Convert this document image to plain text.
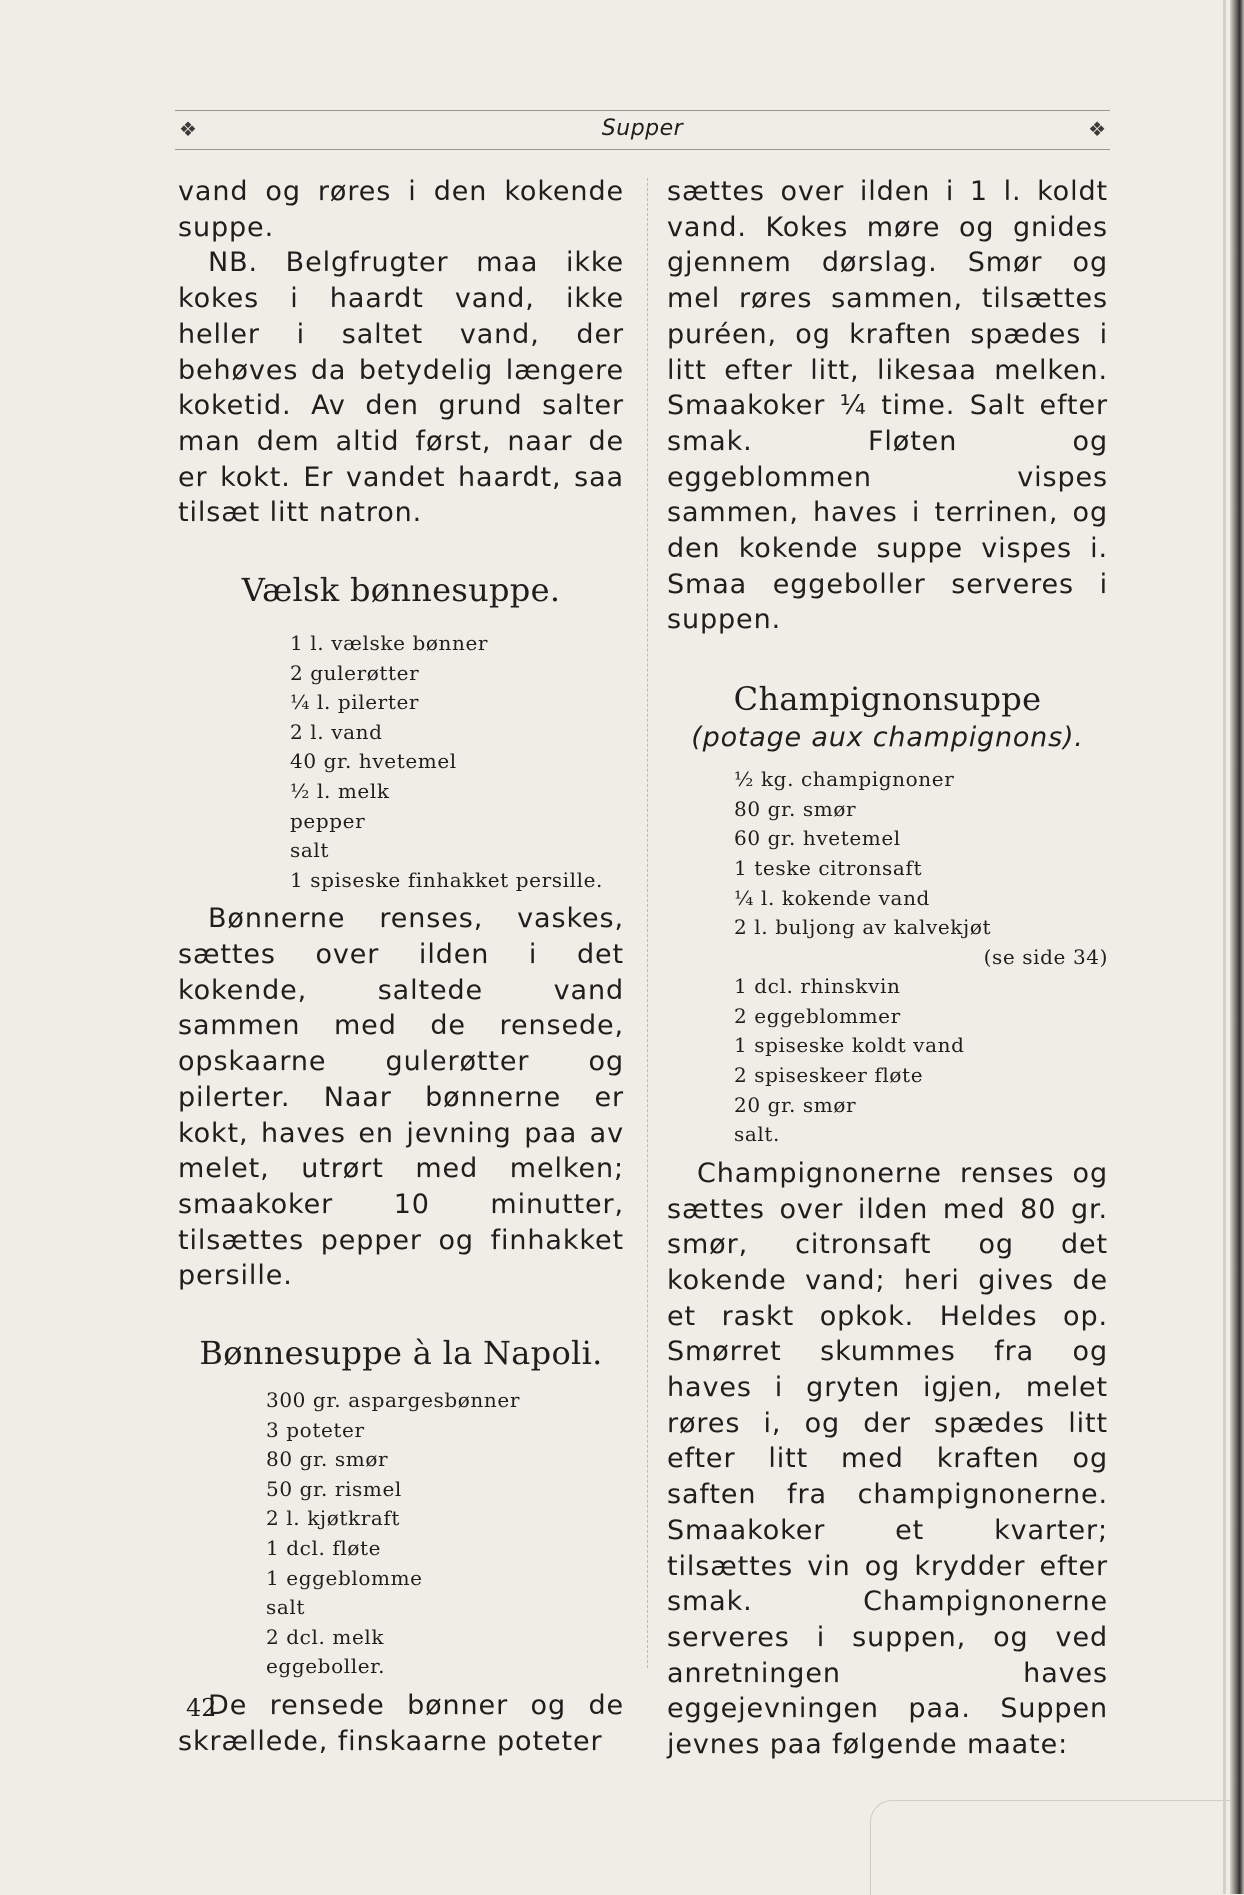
❖	Supper	❖

vand og røres i den kokende suppe.

NB. Belgfrugter maa ikke kokes i haardt vand, ikke heller i saltet vand, der behøves da betydelig længere koketid. Av den grund salter man dem altid først, naar de er kokt. Er vandet haardt, saa tilsæt litt natron.

Vælsk bønnesuppe.
1 l. vælske bønner
2 gulerøtter
¼ l. pilerter
2 l. vand
40 gr. hvetemel
½ l. melk
pepper
salt
1 spiseske finhakket persille.

Bønnerne renses, vaskes, sættes over ilden i det kokende, saltede vand sammen med de rensede, opskaarne gulerøtter og pilerter. Naar bønnerne er kokt, haves en jevning paa av melet, utrørt med melken; smaakoker 10 minutter, tilsættes pepper og finhakket persille.

Bønnesuppe à la Napoli.
300 gr. aspargesbønner
3 poteter
80 gr. smør
50 gr. rismel
2 l. kjøtkraft
1 dcl. fløte
1 eggeblomme
salt
2 dcl. melk
eggeboller.

De rensede bønner og de skrællede, finskaarne poteter

sættes over ilden i 1 l. koldt vand. Kokes møre og gnides gjennem dørslag. Smør og mel røres sammen, tilsættes puréen, og kraften spædes i litt efter litt, likesaa melken. Smaakoker ¼ time. Salt efter smak. Fløten og eggeblommen vispes sammen, haves i terrinen, og den kokende suppe vispes i. Smaa eggeboller serveres i suppen.

Champignonsuppe
(potage aux champignons).
½ kg. champignoner
80 gr. smør
60 gr. hvetemel
1 teske citronsaft
¼ l. kokende vand
2 l. buljong av kalvekjøt
(se side 34)
1 dcl. rhinskvin
2 eggeblommer
1 spiseske koldt vand
2 spiseskeer fløte
20 gr. smør
salt.

Champignonerne renses og sættes over ilden med 80 gr. smør, citronsaft og det kokende vand; heri gives de et raskt opkok. Heldes op. Smørret skummes fra og haves i gryten igjen, melet røres i, og der spædes litt efter litt med kraften og saften fra champignonerne. Smaakoker et kvarter; tilsættes vin og krydder efter smak. Champignonerne serveres i suppen, og ved anretningen haves eggejevningen paa. Suppen jevnes paa følgende maate:

42
